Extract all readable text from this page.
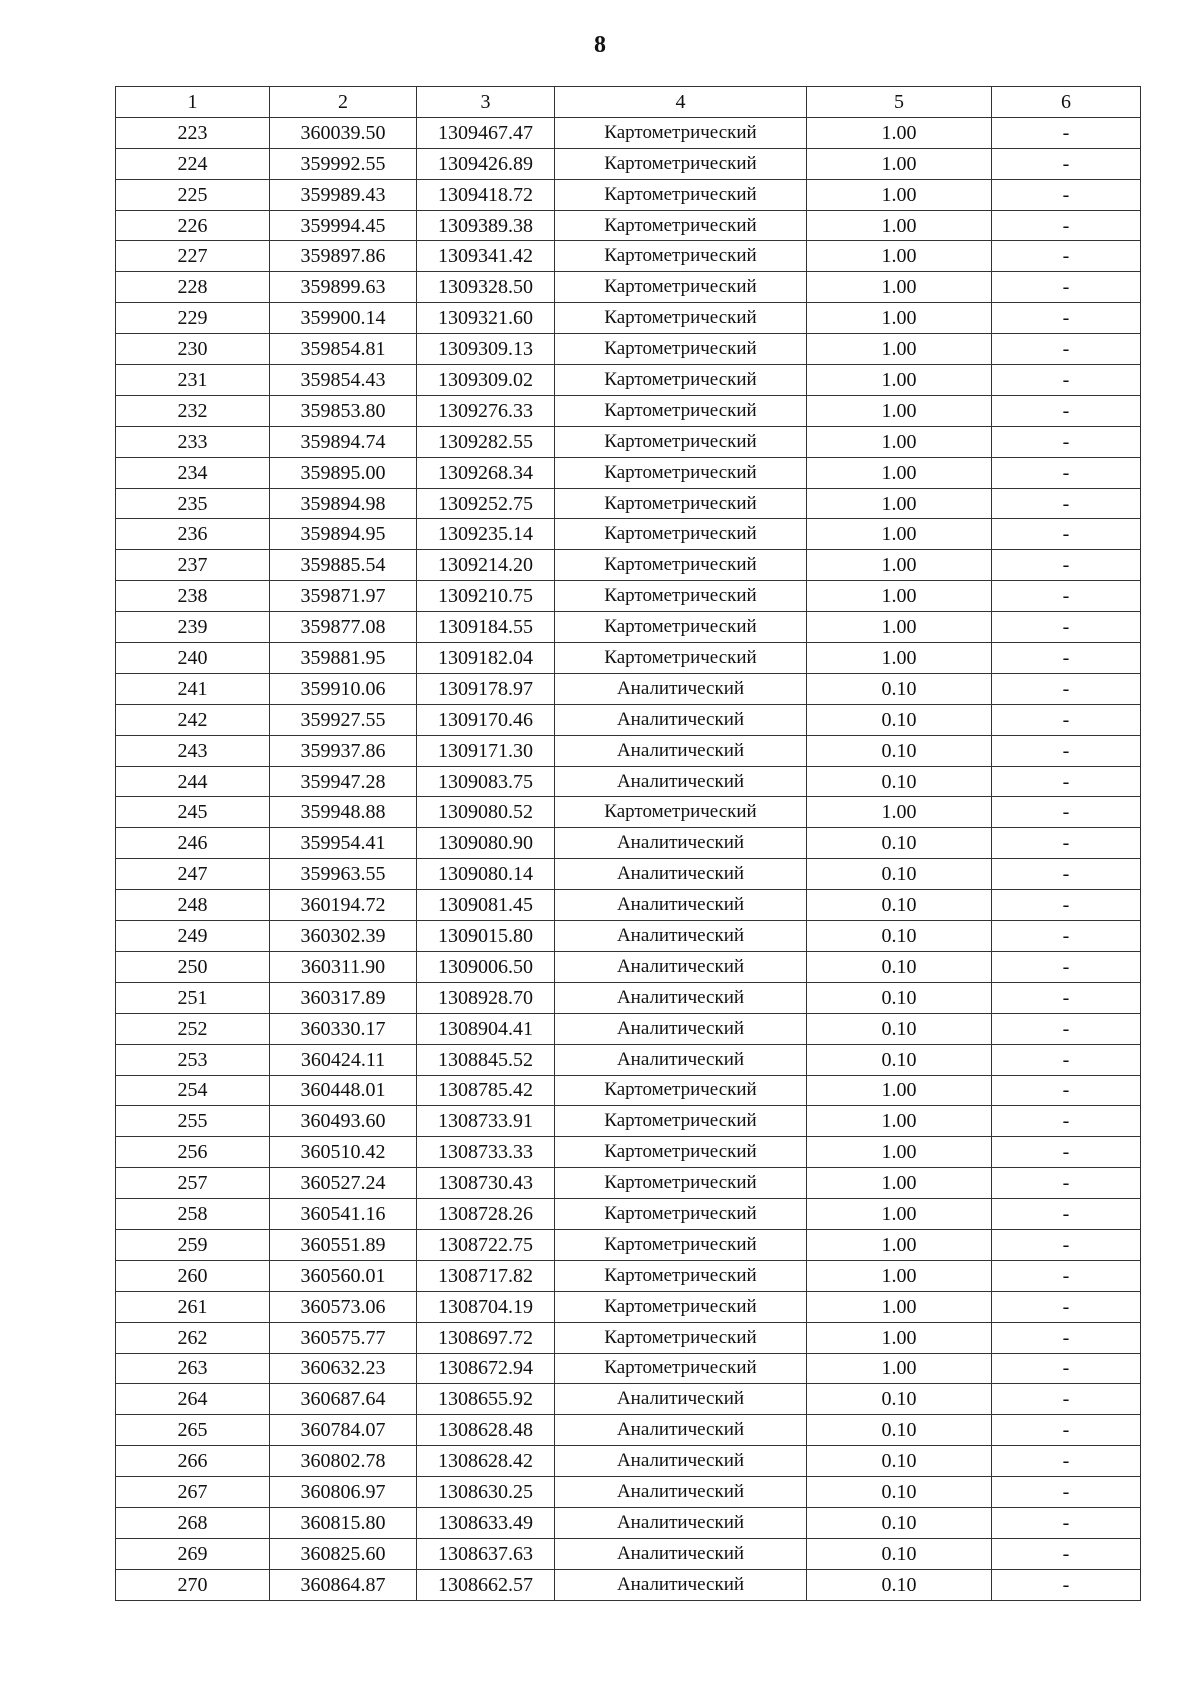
8
1	2	3	4	5	6
223	360039.50	1309467.47	Картометрический	1.00	-
224	359992.55	1309426.89	Картометрический	1.00	-
225	359989.43	1309418.72	Картометрический	1.00	-
226	359994.45	1309389.38	Картометрический	1.00	-
227	359897.86	1309341.42	Картометрический	1.00	-
228	359899.63	1309328.50	Картометрический	1.00	-
229	359900.14	1309321.60	Картометрический	1.00	-
230	359854.81	1309309.13	Картометрический	1.00	-
231	359854.43	1309309.02	Картометрический	1.00	-
232	359853.80	1309276.33	Картометрический	1.00	-
233	359894.74	1309282.55	Картометрический	1.00	-
234	359895.00	1309268.34	Картометрический	1.00	-
235	359894.98	1309252.75	Картометрический	1.00	-
236	359894.95	1309235.14	Картометрический	1.00	-
237	359885.54	1309214.20	Картометрический	1.00	-
238	359871.97	1309210.75	Картометрический	1.00	-
239	359877.08	1309184.55	Картометрический	1.00	-
240	359881.95	1309182.04	Картометрический	1.00	-
241	359910.06	1309178.97	Аналитический	0.10	-
242	359927.55	1309170.46	Аналитический	0.10	-
243	359937.86	1309171.30	Аналитический	0.10	-
244	359947.28	1309083.75	Аналитический	0.10	-
245	359948.88	1309080.52	Картометрический	1.00	-
246	359954.41	1309080.90	Аналитический	0.10	-
247	359963.55	1309080.14	Аналитический	0.10	-
248	360194.72	1309081.45	Аналитический	0.10	-
249	360302.39	1309015.80	Аналитический	0.10	-
250	360311.90	1309006.50	Аналитический	0.10	-
251	360317.89	1308928.70	Аналитический	0.10	-
252	360330.17	1308904.41	Аналитический	0.10	-
253	360424.11	1308845.52	Аналитический	0.10	-
254	360448.01	1308785.42	Картометрический	1.00	-
255	360493.60	1308733.91	Картометрический	1.00	-
256	360510.42	1308733.33	Картометрический	1.00	-
257	360527.24	1308730.43	Картометрический	1.00	-
258	360541.16	1308728.26	Картометрический	1.00	-
259	360551.89	1308722.75	Картометрический	1.00	-
260	360560.01	1308717.82	Картометрический	1.00	-
261	360573.06	1308704.19	Картометрический	1.00	-
262	360575.77	1308697.72	Картометрический	1.00	-
263	360632.23	1308672.94	Картометрический	1.00	-
264	360687.64	1308655.92	Аналитический	0.10	-
265	360784.07	1308628.48	Аналитический	0.10	-
266	360802.78	1308628.42	Аналитический	0.10	-
267	360806.97	1308630.25	Аналитический	0.10	-
268	360815.80	1308633.49	Аналитический	0.10	-
269	360825.60	1308637.63	Аналитический	0.10	-
270	360864.87	1308662.57	Аналитический	0.10	-
